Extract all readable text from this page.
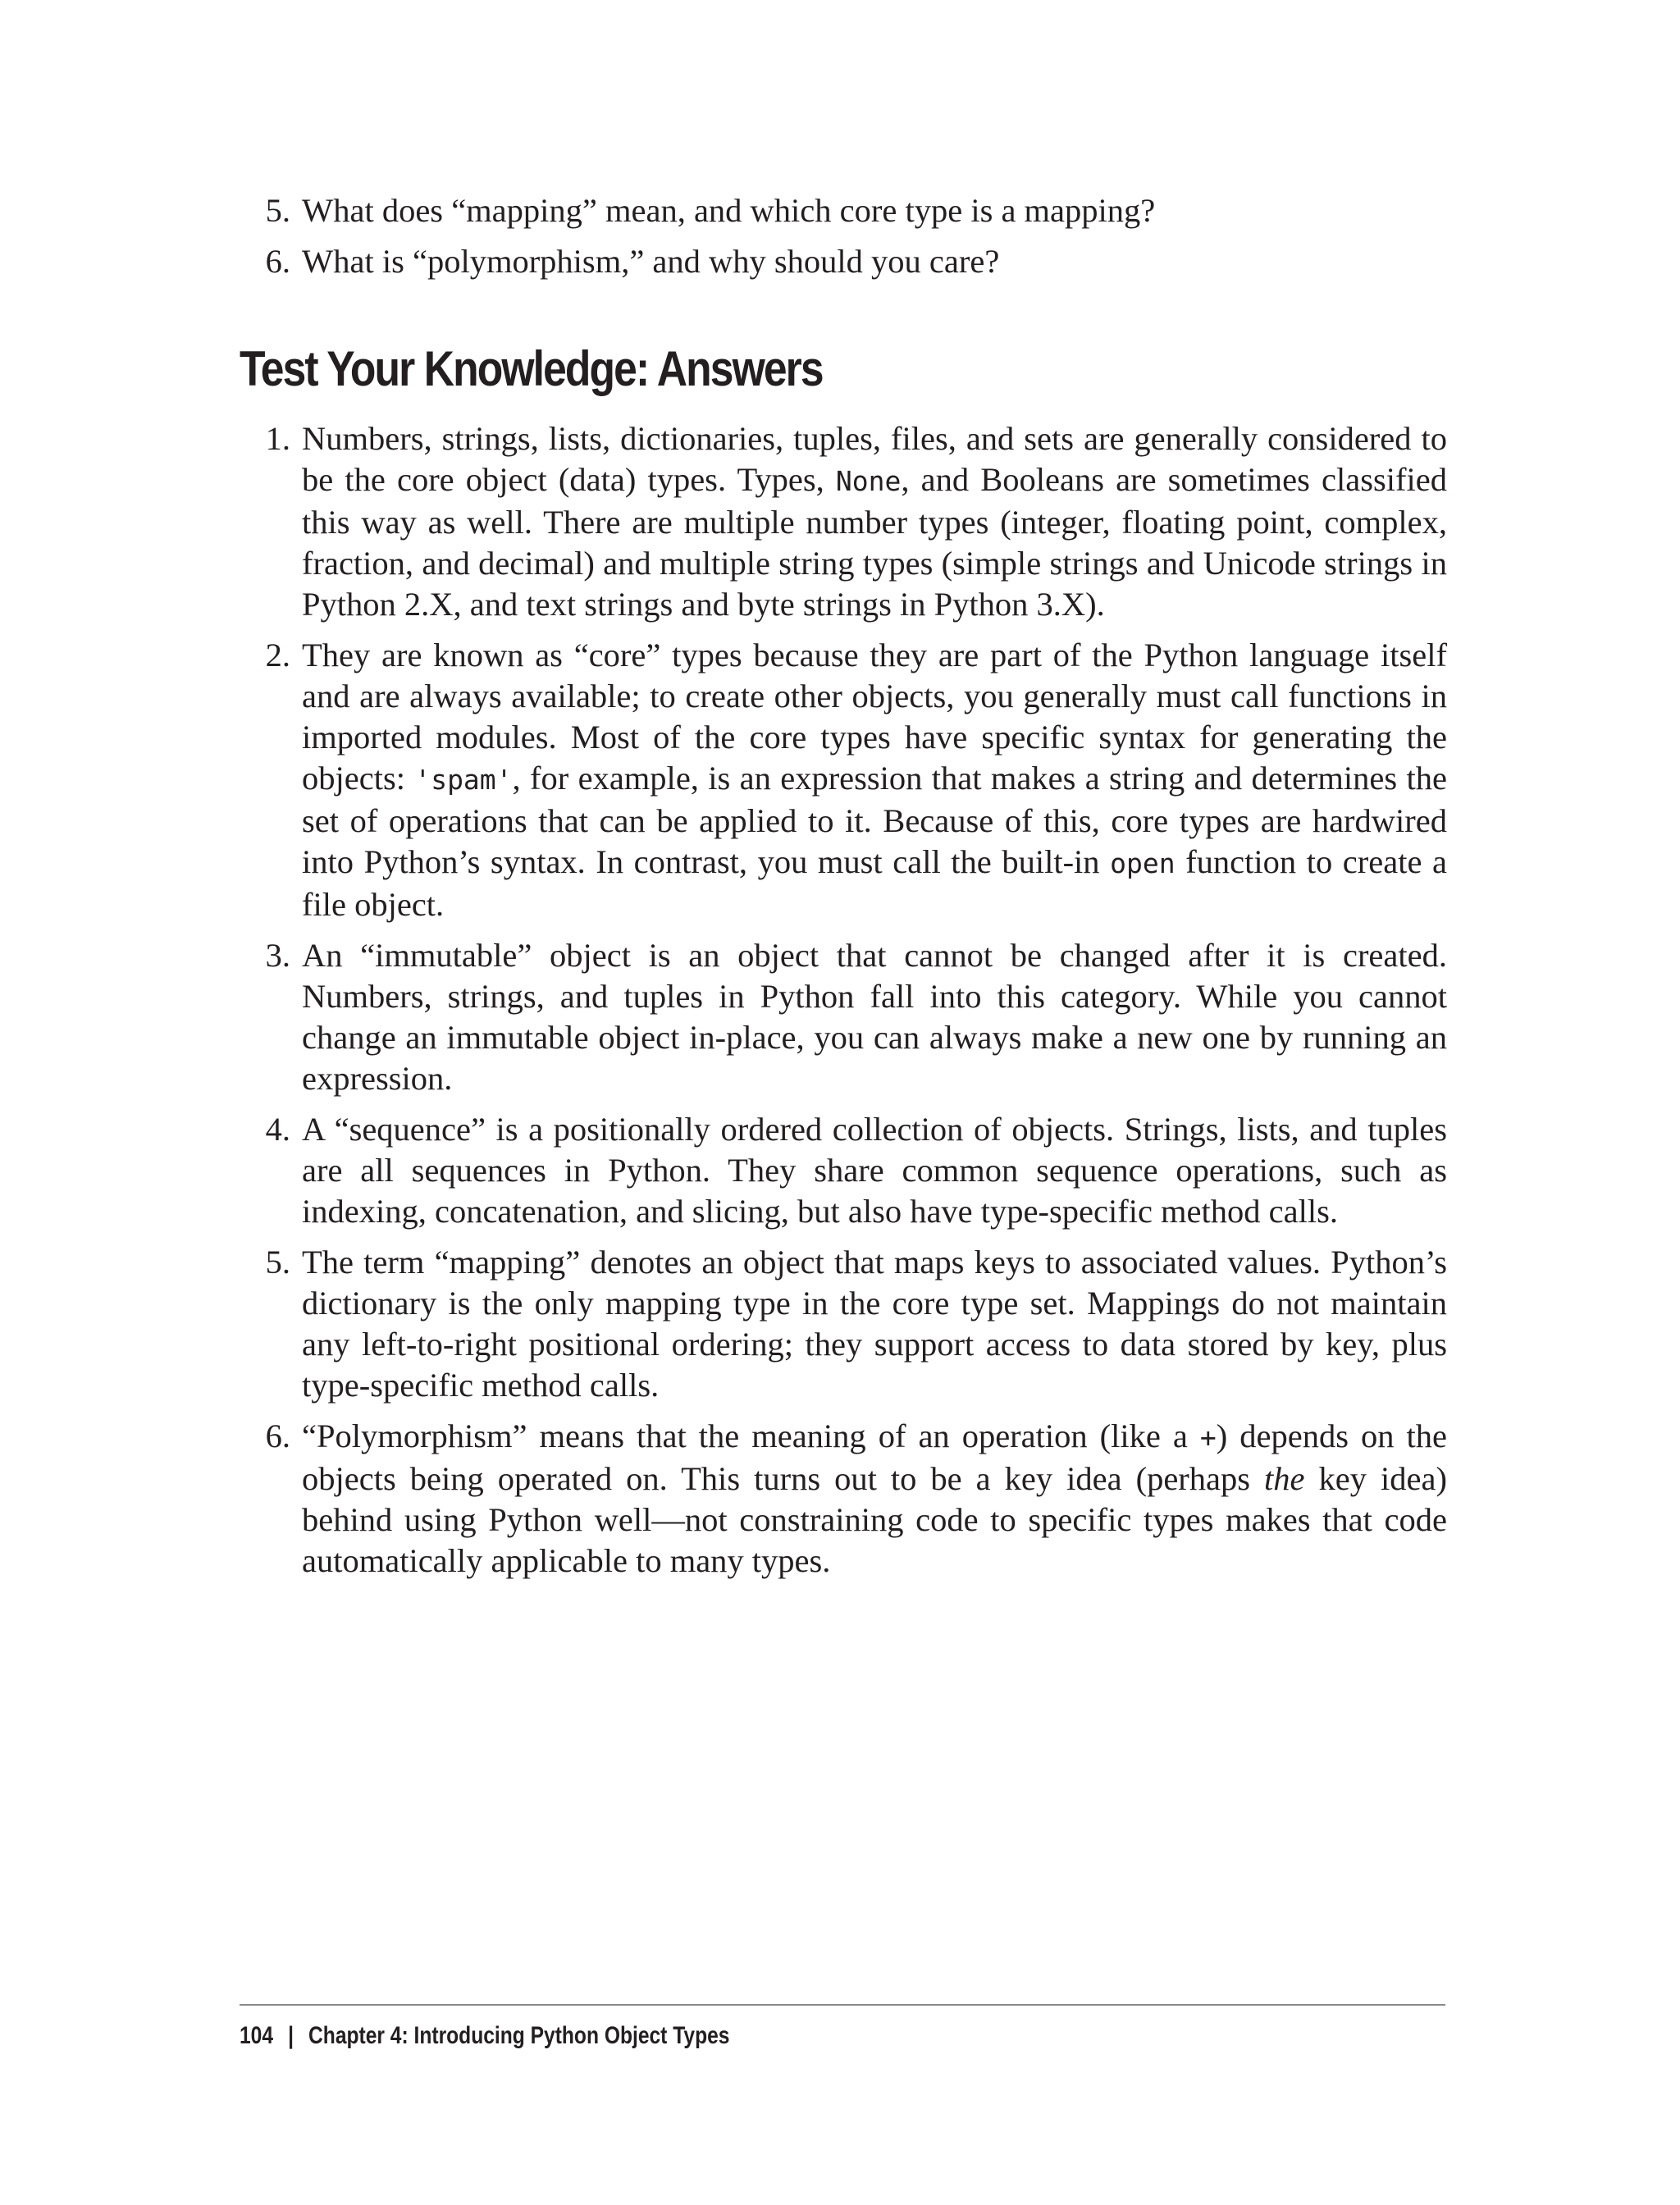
5. What does “mapping” mean, and which core type is a mapping?
6. What is “polymorphism,” and why should you care?
Test Your Knowledge: Answers
1. Numbers, strings, lists, dictionaries, tuples, files, and sets are generally considered to be the core object (data) types. Types, None, and Booleans are sometimes classified this way as well. There are multiple number types (integer, floating point, complex, fraction, and decimal) and multiple string types (simple strings and Unicode strings in Python 2.X, and text strings and byte strings in Python 3.X).
2. They are known as “core” types because they are part of the Python language itself and are always available; to create other objects, you generally must call functions in imported modules. Most of the core types have specific syntax for generating the objects: 'spam', for example, is an expression that makes a string and determines the set of operations that can be applied to it. Because of this, core types are hardwired into Python’s syntax. In contrast, you must call the built-in open function to create a file object.
3. An “immutable” object is an object that cannot be changed after it is created. Numbers, strings, and tuples in Python fall into this category. While you cannot change an immutable object in-place, you can always make a new one by running an expression.
4. A “sequence” is a positionally ordered collection of objects. Strings, lists, and tuples are all sequences in Python. They share common sequence operations, such as indexing, concatenation, and slicing, but also have type-specific method calls.
5. The term “mapping” denotes an object that maps keys to associated values. Python’s dictionary is the only mapping type in the core type set. Mappings do not maintain any left-to-right positional ordering; they support access to data stored by key, plus type-specific method calls.
6. “Polymorphism” means that the meaning of an operation (like a +) depends on the objects being operated on. This turns out to be a key idea (perhaps the key idea) behind using Python well—not constraining code to specific types makes that code automatically applicable to many types.
104 | Chapter 4: Introducing Python Object Types
